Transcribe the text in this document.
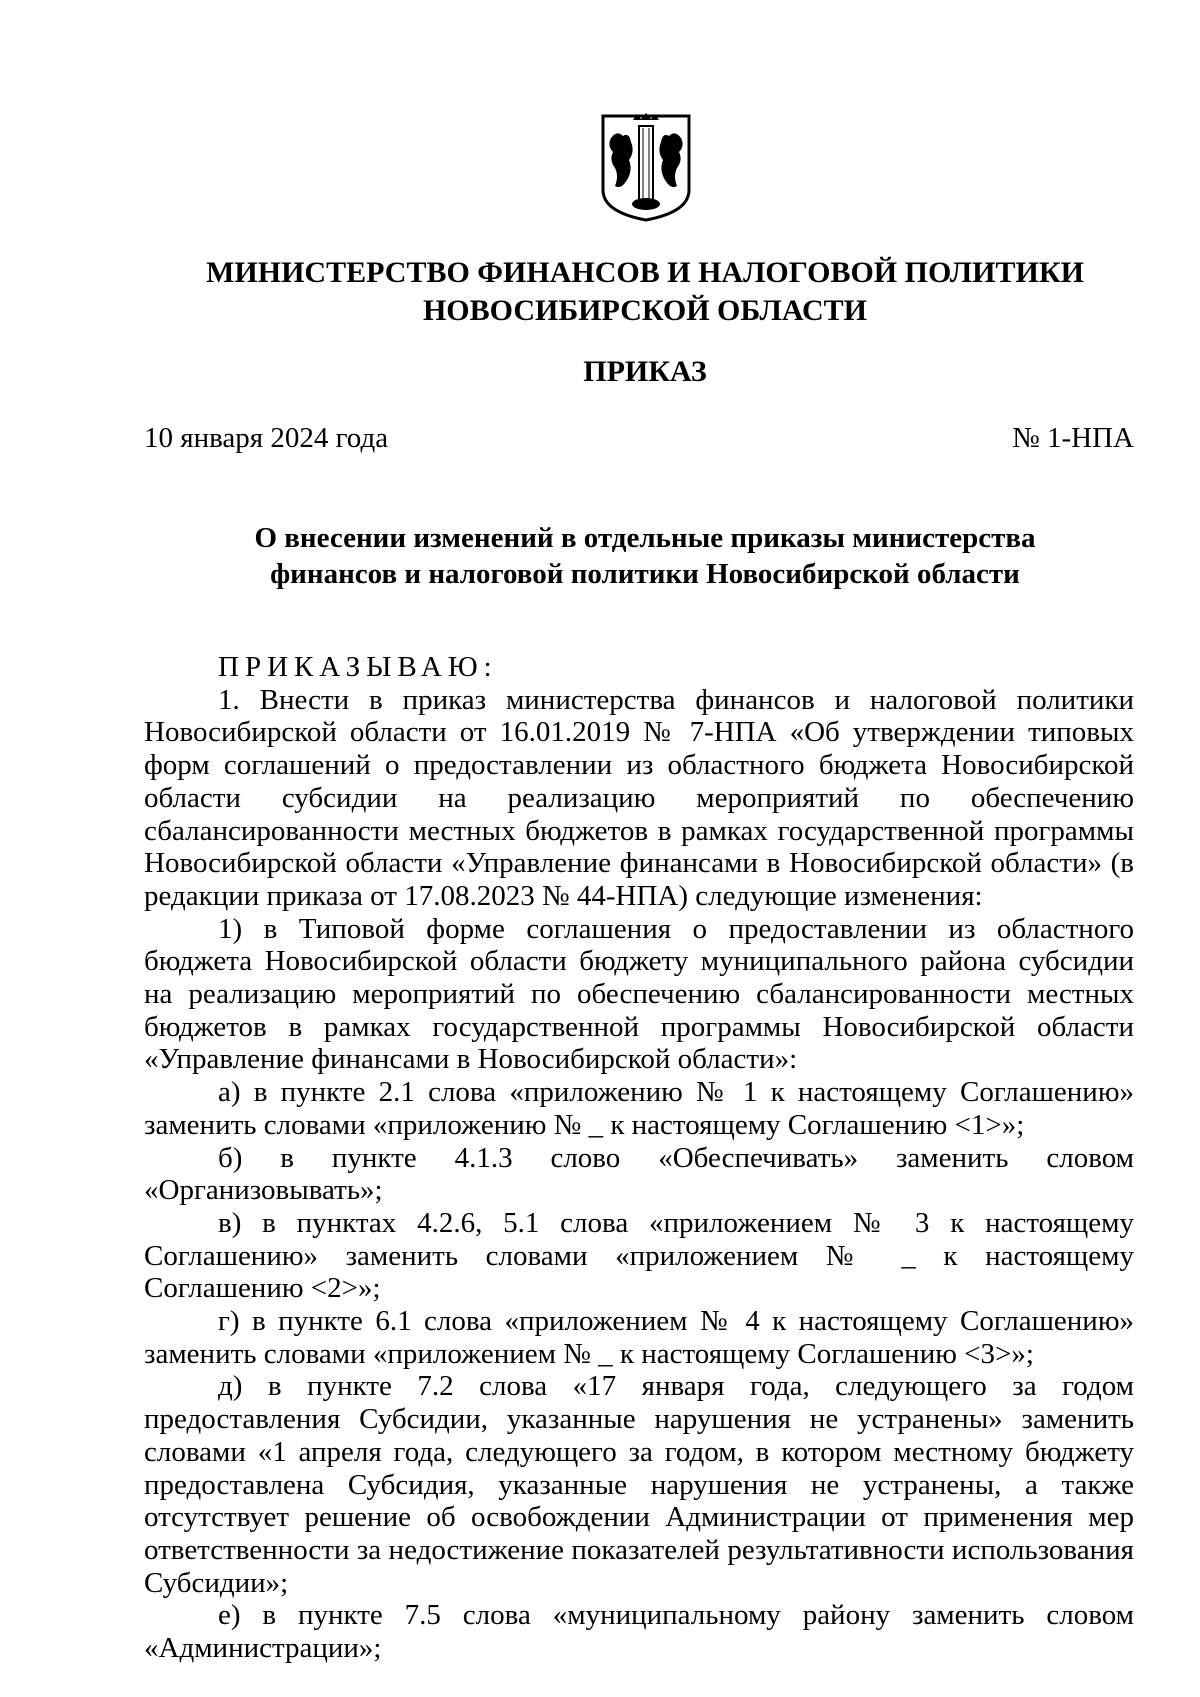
МИНИСТЕРСТВО ФИНАНСОВ И НАЛОГОВОЙ ПОЛИТИКИ
НОВОСИБИРСКОЙ ОБЛАСТИ
ПРИКАЗ
10 января 2024 года	№ 1-НПА
О внесении изменений в отдельные приказы министерства
финансов и налоговой политики Новосибирской области

ПРИКАЗЫВАЮ:

1. Внести в приказ министерства финансов и налоговой политики Новосибирской области от 16.01.2019 № 7-НПА «Об утверждении типовых форм соглашений о предоставлении из областного бюджета Новосибирской области субсидии на реализацию мероприятий по обеспечению сбалансированности местных бюджетов в рамках государственной программы Новосибирской области «Управление финансами в Новосибирской области» (в редакции приказа от 17.08.2023 № 44-НПА) следующие изменения:

1) в Типовой форме соглашения о предоставлении из областного бюджета Новосибирской области бюджету муниципального района субсидии на реализацию мероприятий по обеспечению сбалансированности местных бюджетов в рамках государственной программы Новосибирской области «Управление финансами в Новосибирской области»:

а) в пункте 2.1 слова «приложению № 1 к настоящему Соглашению» заменить словами «приложению № _ к настоящему Соглашению <1>»;

б) в пункте 4.1.3 слово «Обеспечивать» заменить словом «Организовывать»;

в) в пунктах 4.2.6, 5.1 слова «приложением № 3 к настоящему Соглашению» заменить словами «приложением № _ к настоящему Соглашению <2>»;

г) в пункте 6.1 слова «приложением № 4 к настоящему Соглашению» заменить словами «приложением № _ к настоящему Соглашению <3>»;

д) в пункте 7.2 слова «17 января года, следующего за годом предоставления Субсидии, указанные нарушения не устранены» заменить словами «1 апреля года, следующего за годом, в котором местному бюджету предоставлена Субсидия, указанные нарушения не устранены, а также отсутствует решение об освобождении Администрации от применения мер ответственности за недостижение показателей результативности использования Субсидии»;

е) в пункте 7.5 слова «муниципальному району заменить словом «Администрации»;
